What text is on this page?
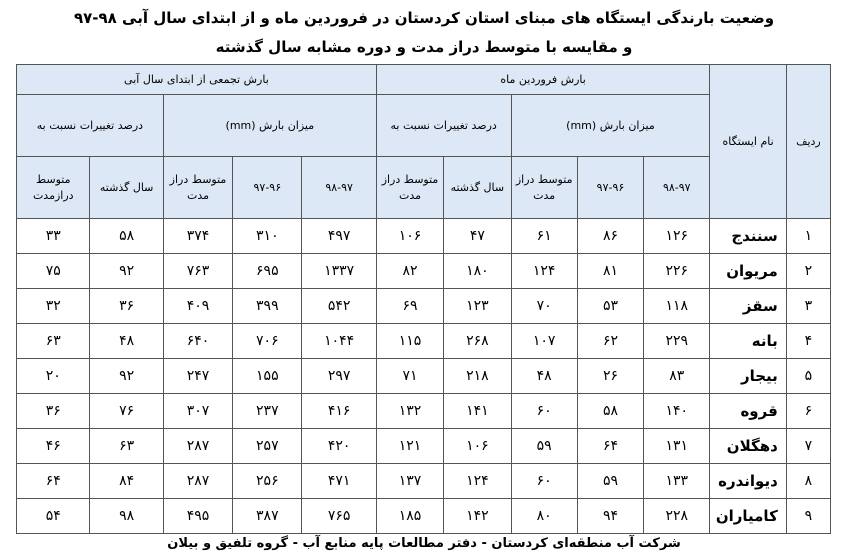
وضعیت بارندگی ایستگاه های مبنای استان کردستان در فروردین ماه و از ابتدای سال آبی ۹۸-۹۷
و مقایسه با متوسط دراز مدت و دوره مشابه سال گذشته
ردیف	نام ایستگاه	بارش فروردین ماه					بارش تجمعی از ابتدای سال آبی				
		میزان بارش (mm)			درصد تغییرات نسبت به		میزان بارش (mm)			درصد تغییرات نسبت به	
		۹۸-۹۷	۹۷-۹۶	متوسط دراز مدت	سال گذشته	متوسط دراز مدت	۹۸-۹۷	۹۷-۹۶	متوسط دراز مدت	سال گذشته	متوسط درازمدت
۱	سنندج	۱۲۶	۸۶	۶۱	۴۷	۱۰۶	۴۹۷	۳۱۰	۳۷۴	۵۸	۳۳
۲	مریوان	۲۲۶	۸۱	۱۲۴	۱۸۰	۸۲	۱۳۳۷	۶۹۵	۷۶۳	۹۲	۷۵
۳	سقز	۱۱۸	۵۳	۷۰	۱۲۳	۶۹	۵۴۲	۳۹۹	۴۰۹	۳۶	۳۲
۴	بانه	۲۲۹	۶۲	۱۰۷	۲۶۸	۱۱۵	۱۰۴۴	۷۰۶	۶۴۰	۴۸	۶۳
۵	بیجار	۸۳	۲۶	۴۸	۲۱۸	۷۱	۲۹۷	۱۵۵	۲۴۷	۹۲	۲۰
۶	قروه	۱۴۰	۵۸	۶۰	۱۴۱	۱۳۲	۴۱۶	۲۳۷	۳۰۷	۷۶	۳۶
۷	دهگلان	۱۳۱	۶۴	۵۹	۱۰۶	۱۲۱	۴۲۰	۲۵۷	۲۸۷	۶۳	۴۶
۸	دیواندره	۱۳۳	۵۹	۶۰	۱۲۴	۱۳۷	۴۷۱	۲۵۶	۲۸۷	۸۴	۶۴
۹	کامیاران	۲۲۸	۹۴	۸۰	۱۴۲	۱۸۵	۷۶۵	۳۸۷	۴۹۵	۹۸	۵۴
شرکت آب منطقه‌ای کردستان - دفتر مطالعات پایه منابع آب - گروه تلفیق و بیلان
